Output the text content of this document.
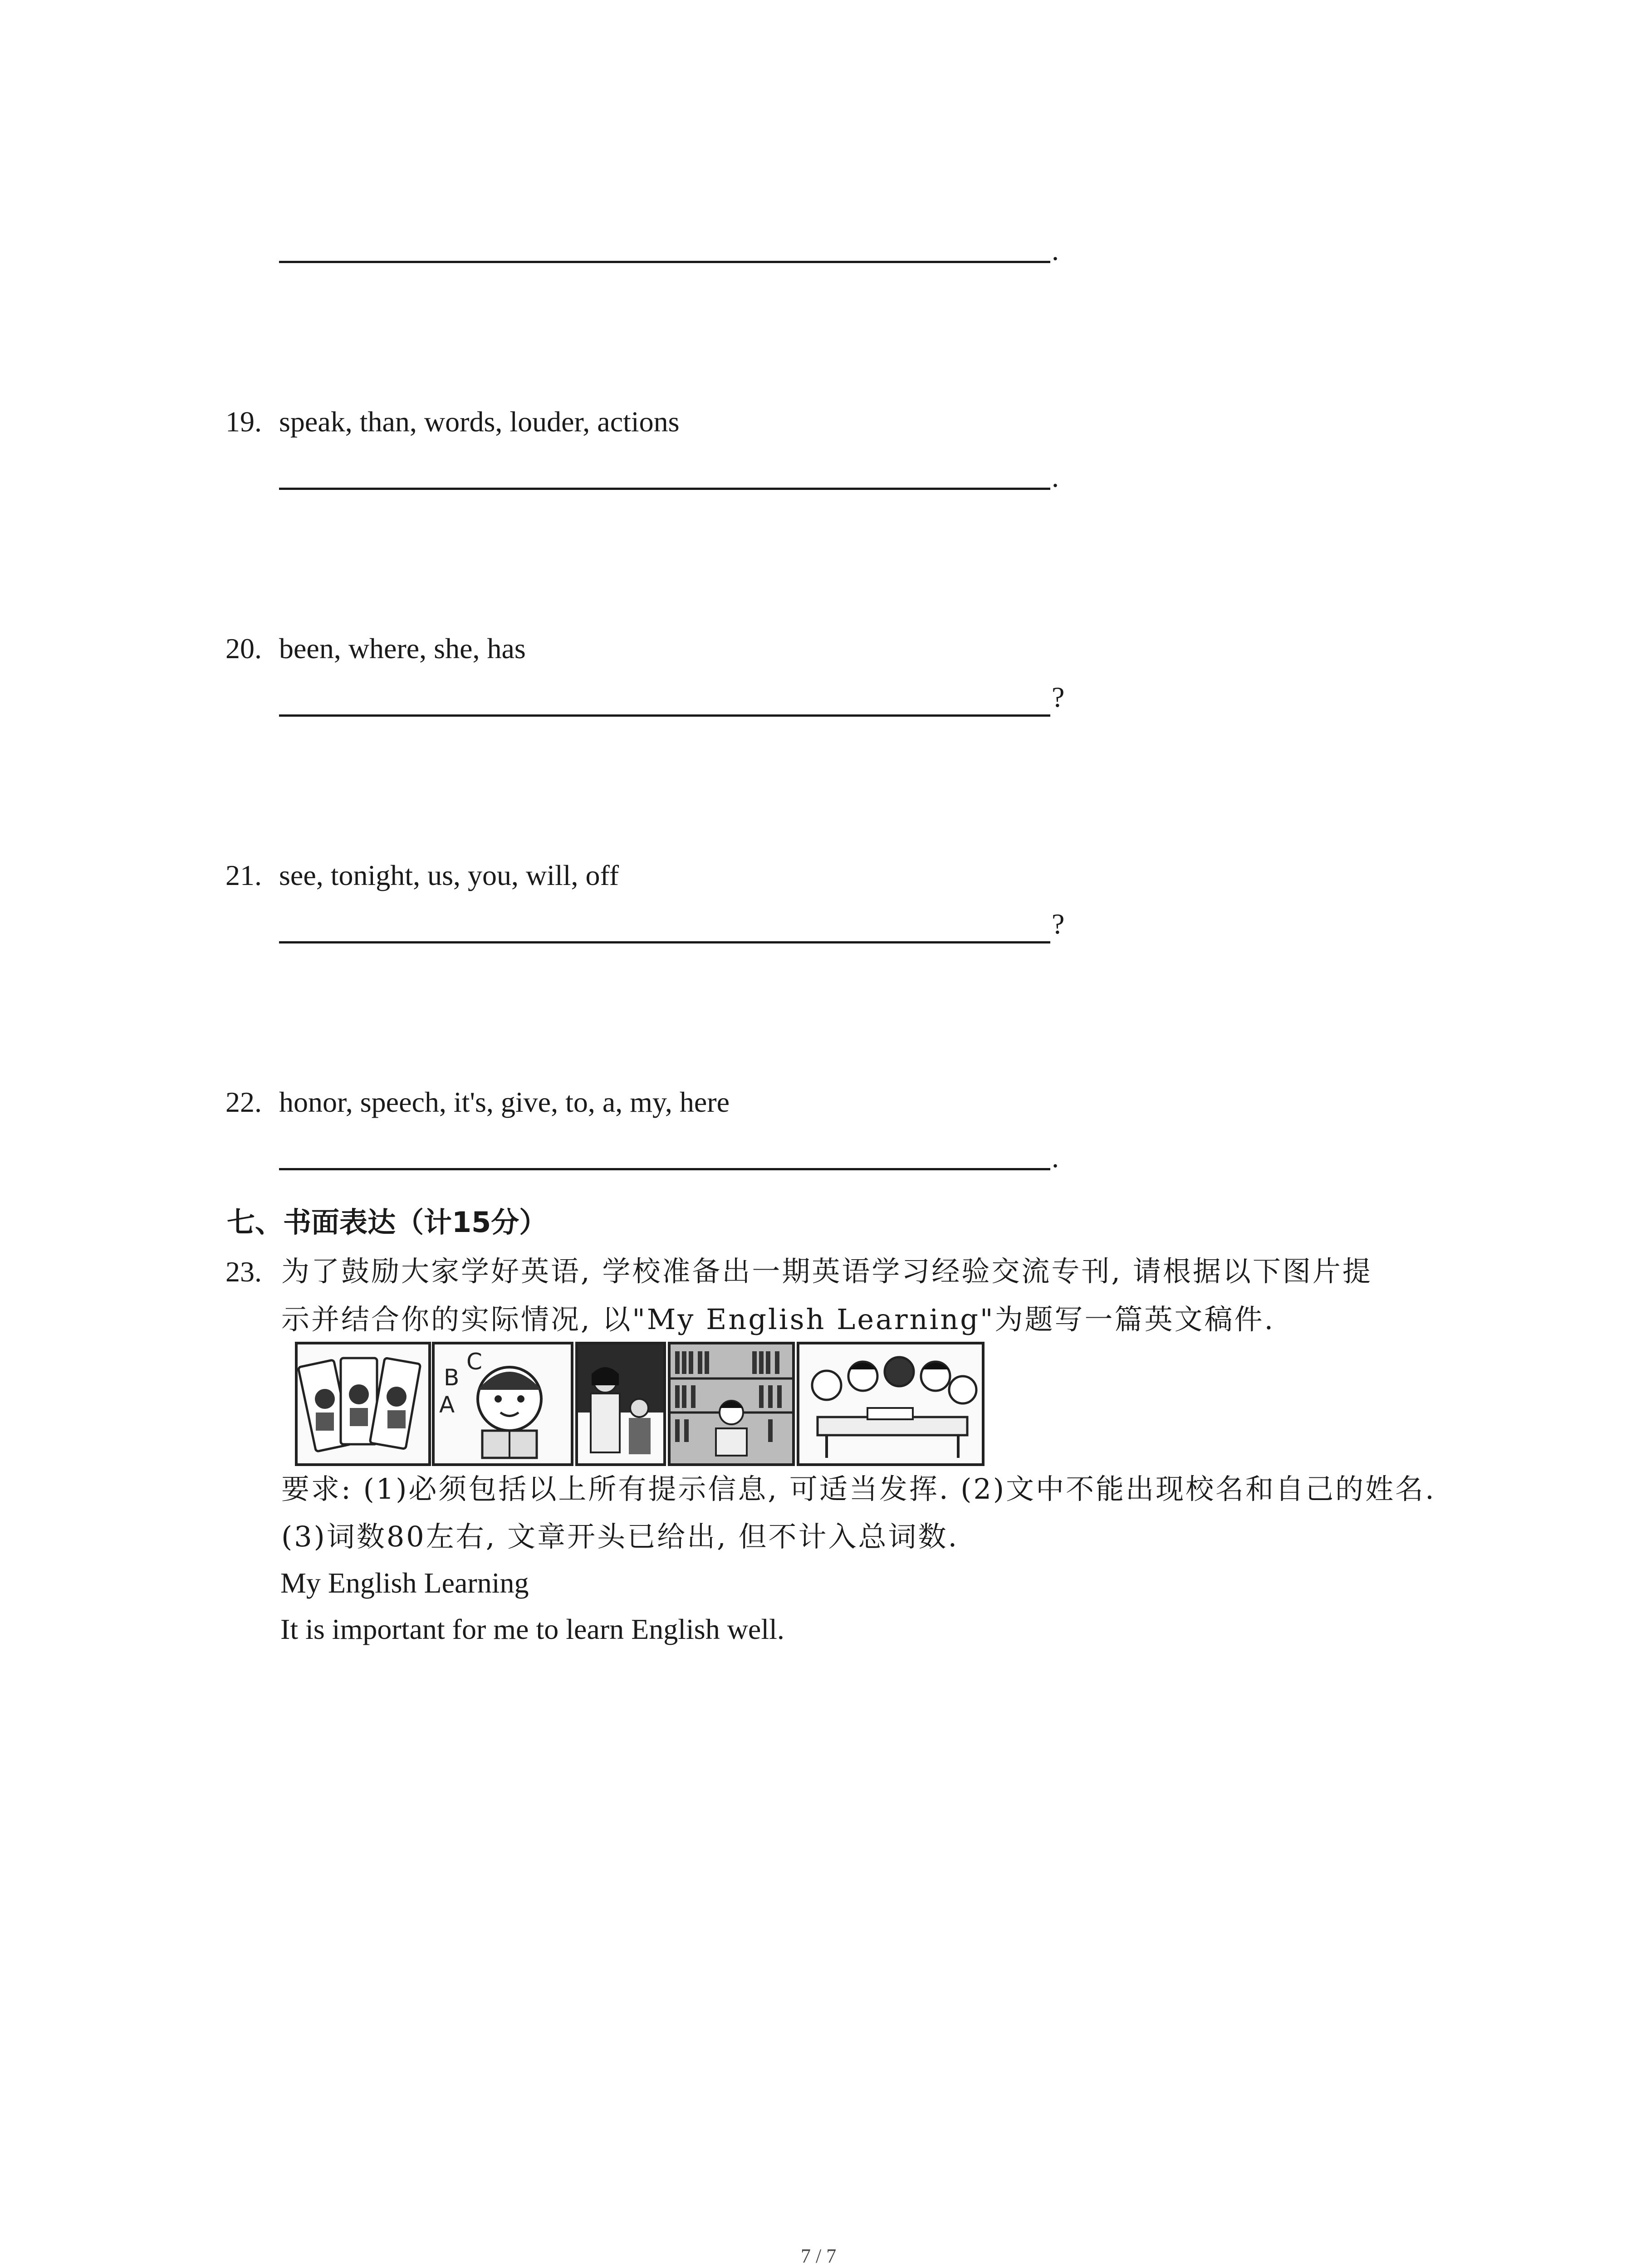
.
19. speak, than, words, louder, actions
.
20. been, where, she, has
?
21. see, tonight, us, you, will, off
?
22. honor, speech, it's, give, to, a, my, here
.
七、书面表达（计15分）
23. 为了鼓励大家学好英语, 学校准备出一期英语学习经验交流专刊, 请根据以下图片提
示并结合你的实际情况, 以"My English Learning"为题写一篇英文稿件.
A
B
C
要求: (1)必须包括以上所有提示信息, 可适当发挥. (2)文中不能出现校名和自己的姓名.
(3)词数80左右, 文章开头已给出, 但不计入总词数.
My English Learning
It is important for me to learn English well.
7 / 7
